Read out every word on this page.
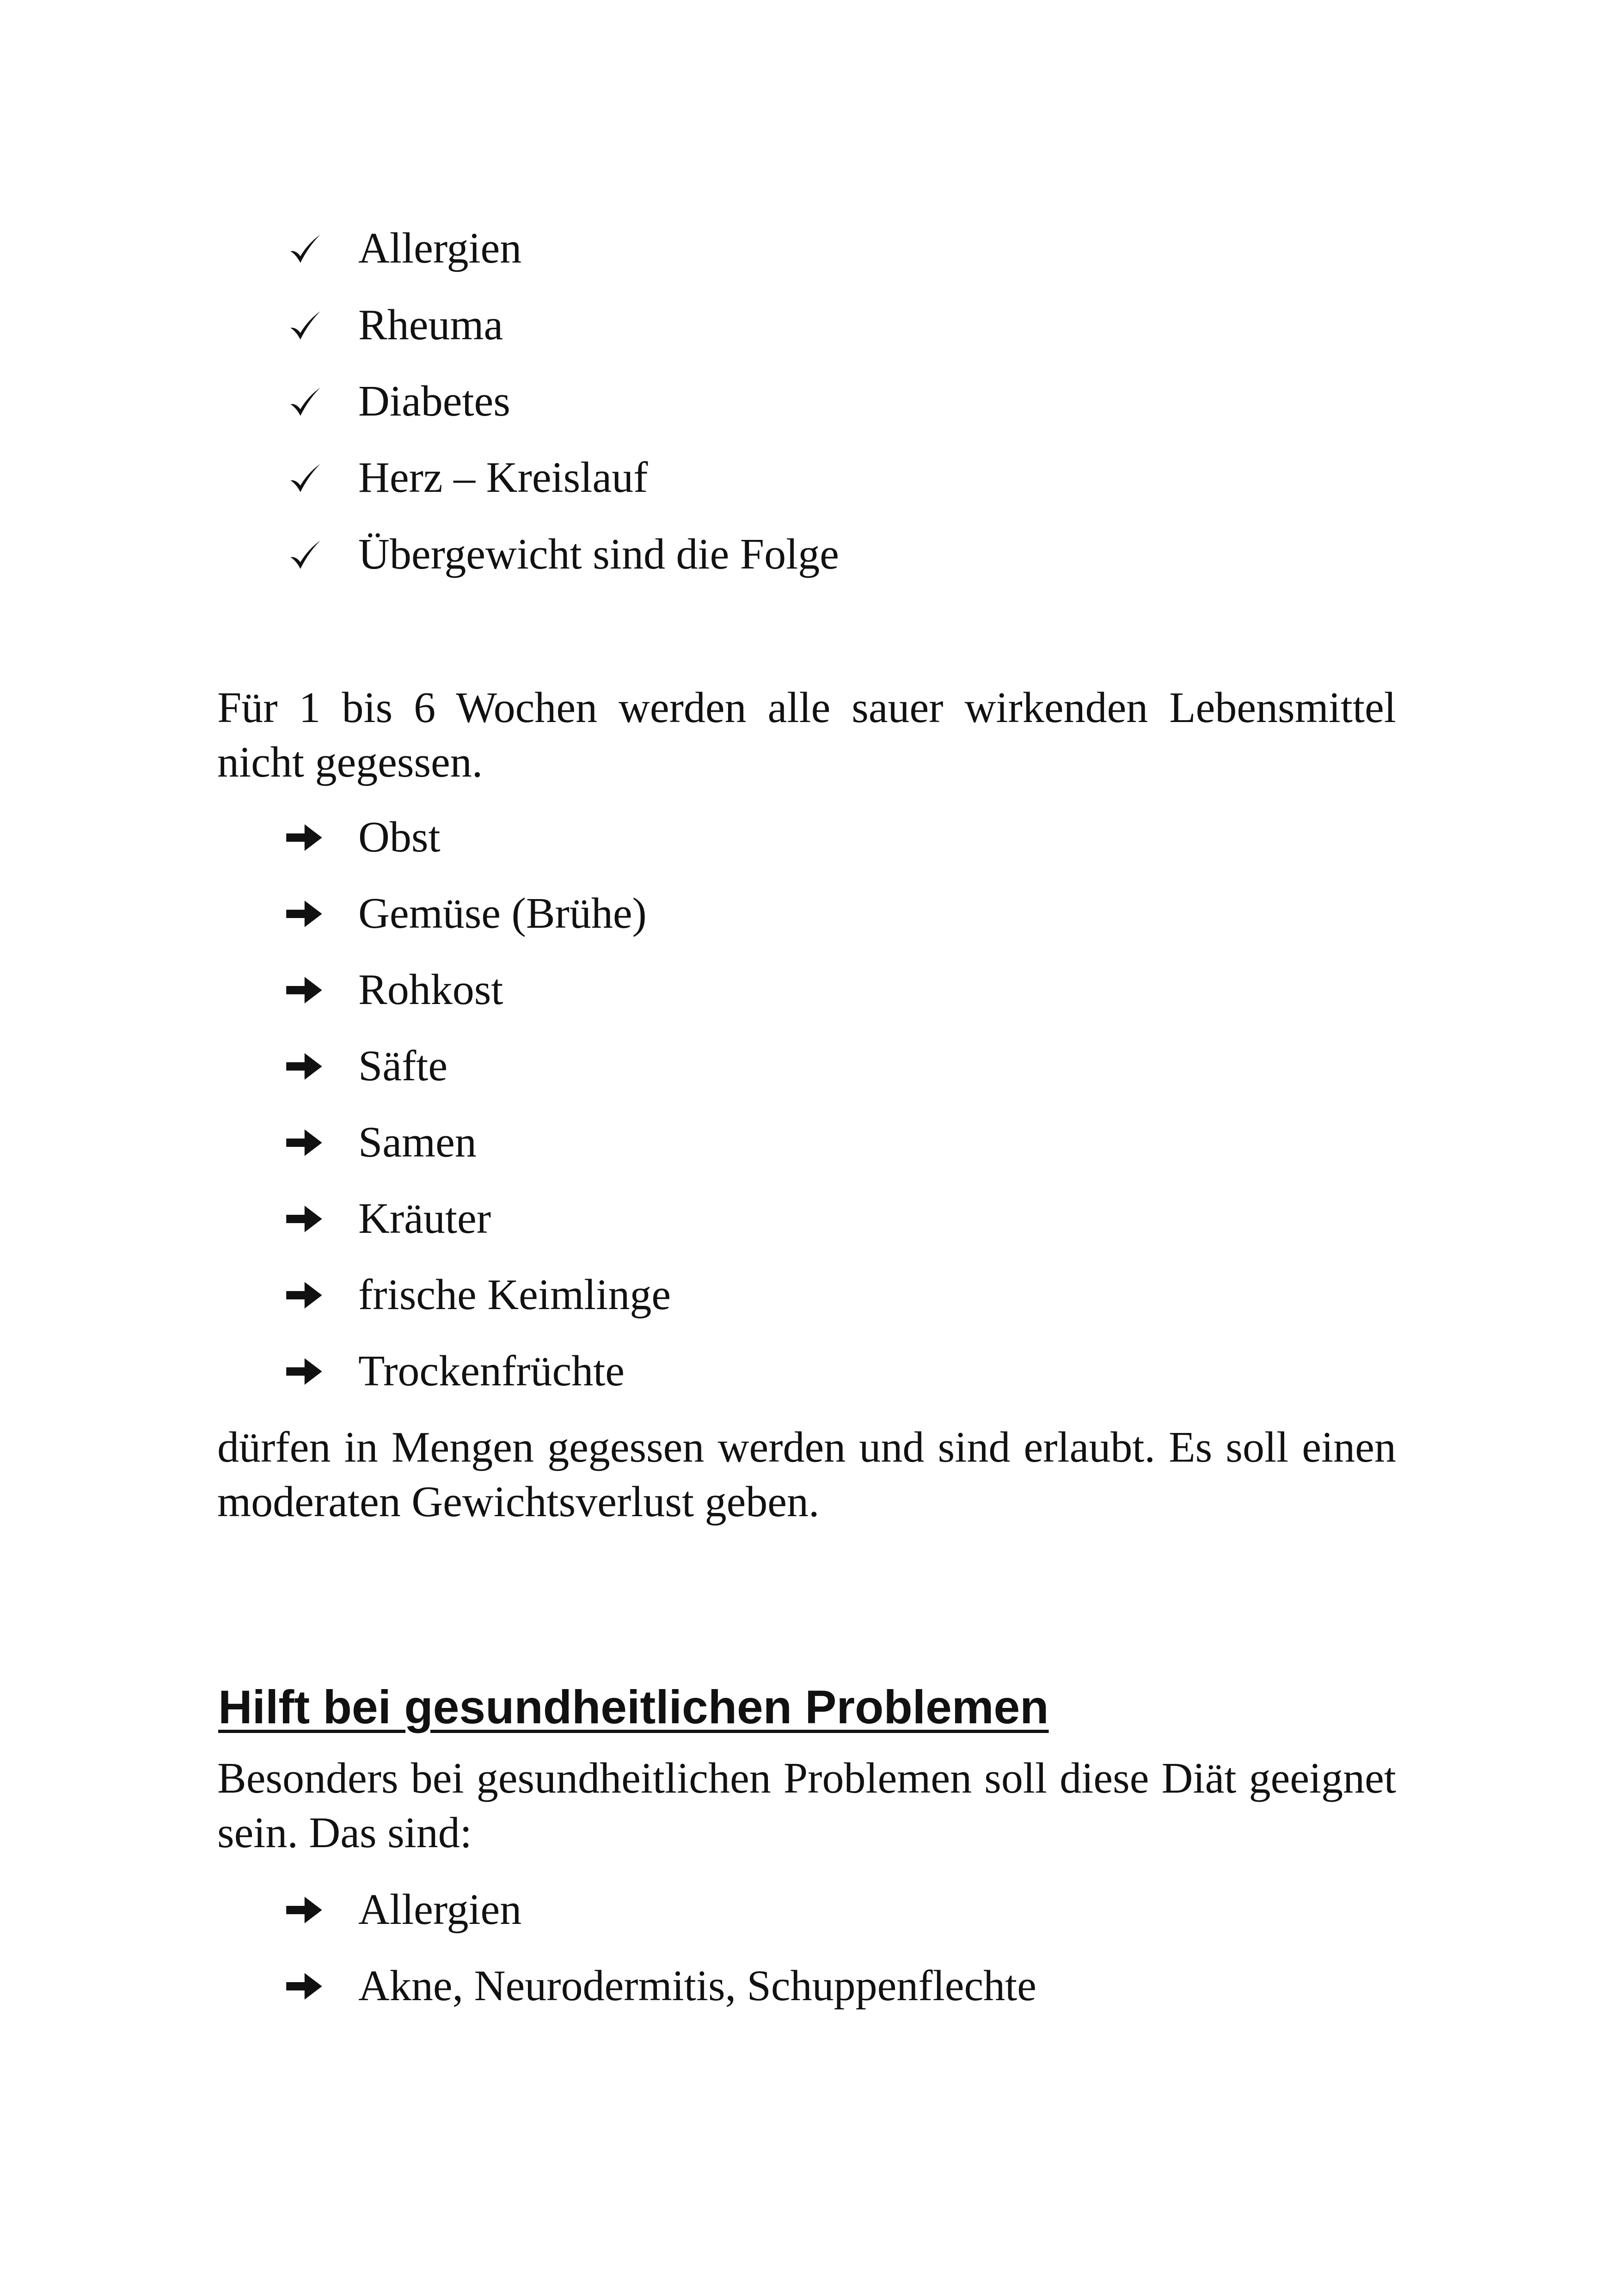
Allergien
Rheuma
Diabetes
Herz – Kreislauf
Übergewicht sind die Folge
Für 1 bis 6 Wochen werden alle sauer wirkenden Lebensmittel nicht gegessen.
Obst
Gemüse (Brühe)
Rohkost
Säfte
Samen
Kräuter
frische Keimlinge
Trockenfrüchte
dürfen in Mengen gegessen werden und sind erlaubt. Es soll einen moderaten Gewichtsverlust geben.
Hilft bei gesundheitlichen Problemen
Besonders bei gesundheitlichen Problemen soll diese Diät geeignet sein. Das sind:
Allergien
Akne, Neurodermitis, Schuppenflechte
